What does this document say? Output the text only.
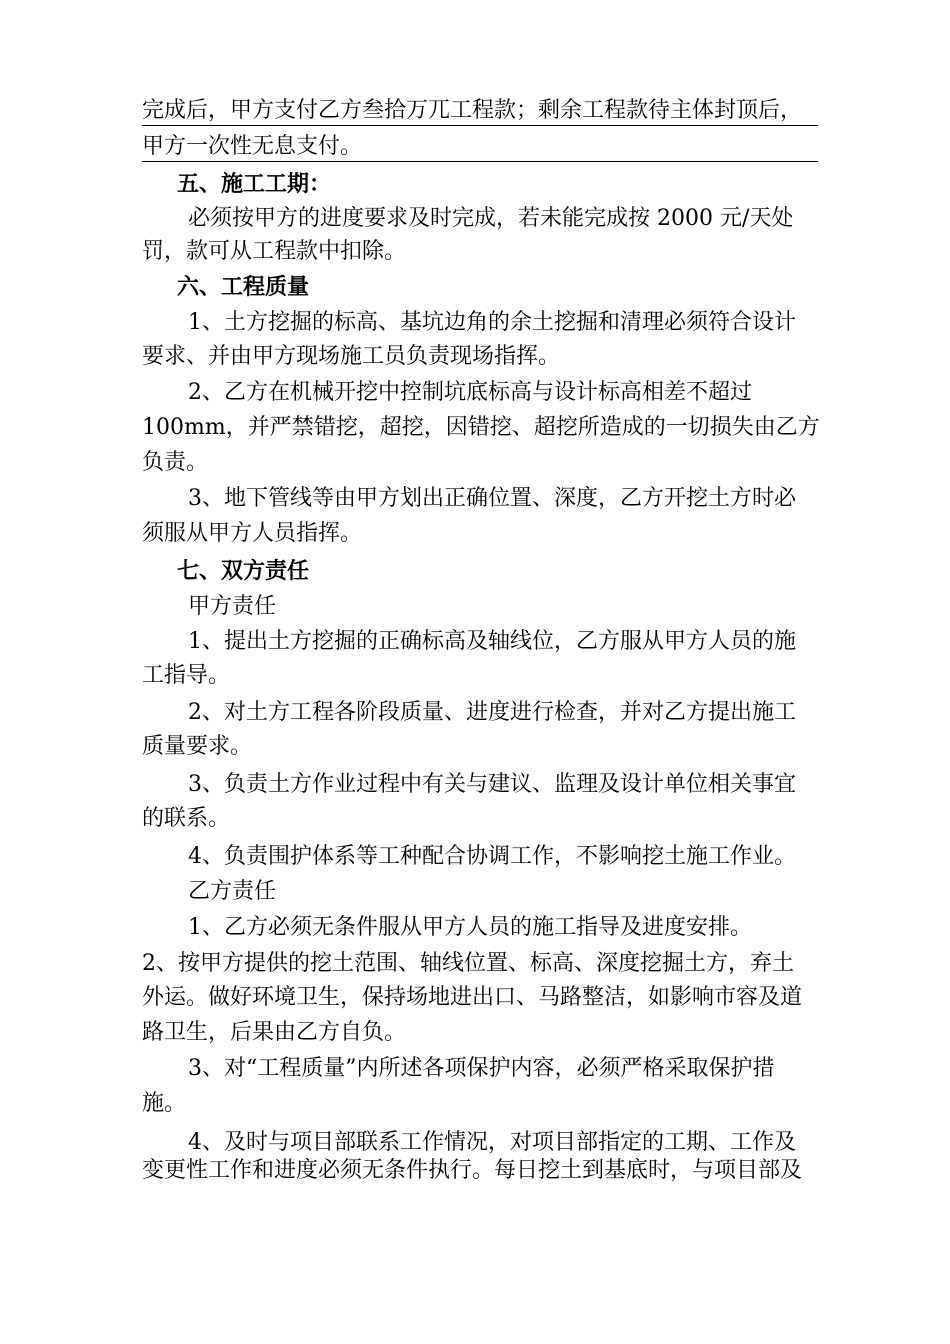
完成后，甲方支付乙方叁拾万兀工程款；剩余工程款待主体封顶后，
甲方一次性无息支付。
五、施工工期：
必须按甲方的进度要求及时完成，若未能完成按 2000 元/天处
罚，款可从工程款中扣除。
六、工程质量
1、土方挖掘的标高、基坑边角的余土挖掘和清理必须符合设计
要求、并由甲方现场施工员负责现场指挥。
2、乙方在机械开挖中控制坑底标高与设计标高相差不超过
100mm，并严禁错挖，超挖，因错挖、超挖所造成的一切损失由乙方
负责。
3、地下管线等由甲方划出正确位置、深度，乙方开挖土方时必
须服从甲方人员指挥。
七、双方责任
甲方责任
1、提出土方挖掘的正确标高及轴线位，乙方服从甲方人员的施
工指导。
2、对土方工程各阶段质量、进度进行检查，并对乙方提出施工
质量要求。
3、负责土方作业过程中有关与建议、监理及设计单位相关事宜
的联系。
4、负责围护体系等工种配合协调工作，不影响挖土施工作业。
乙方责任
1、乙方必须无条件服从甲方人员的施工指导及进度安排。
2、按甲方提供的挖土范围、轴线位置、标高、深度挖掘土方，弃土
外运。做好环境卫生，保持场地进出口、马路整洁，如影响市容及道
路卫生，后果由乙方自负。
3、对“工程质量”内所述各项保护内容，必须严格采取保护措
施。
4、及时与项目部联系工作情况，对项目部指定的工期、工作及
变更性工作和进度必须无条件执行。每日挖土到基底时，与项目部及
